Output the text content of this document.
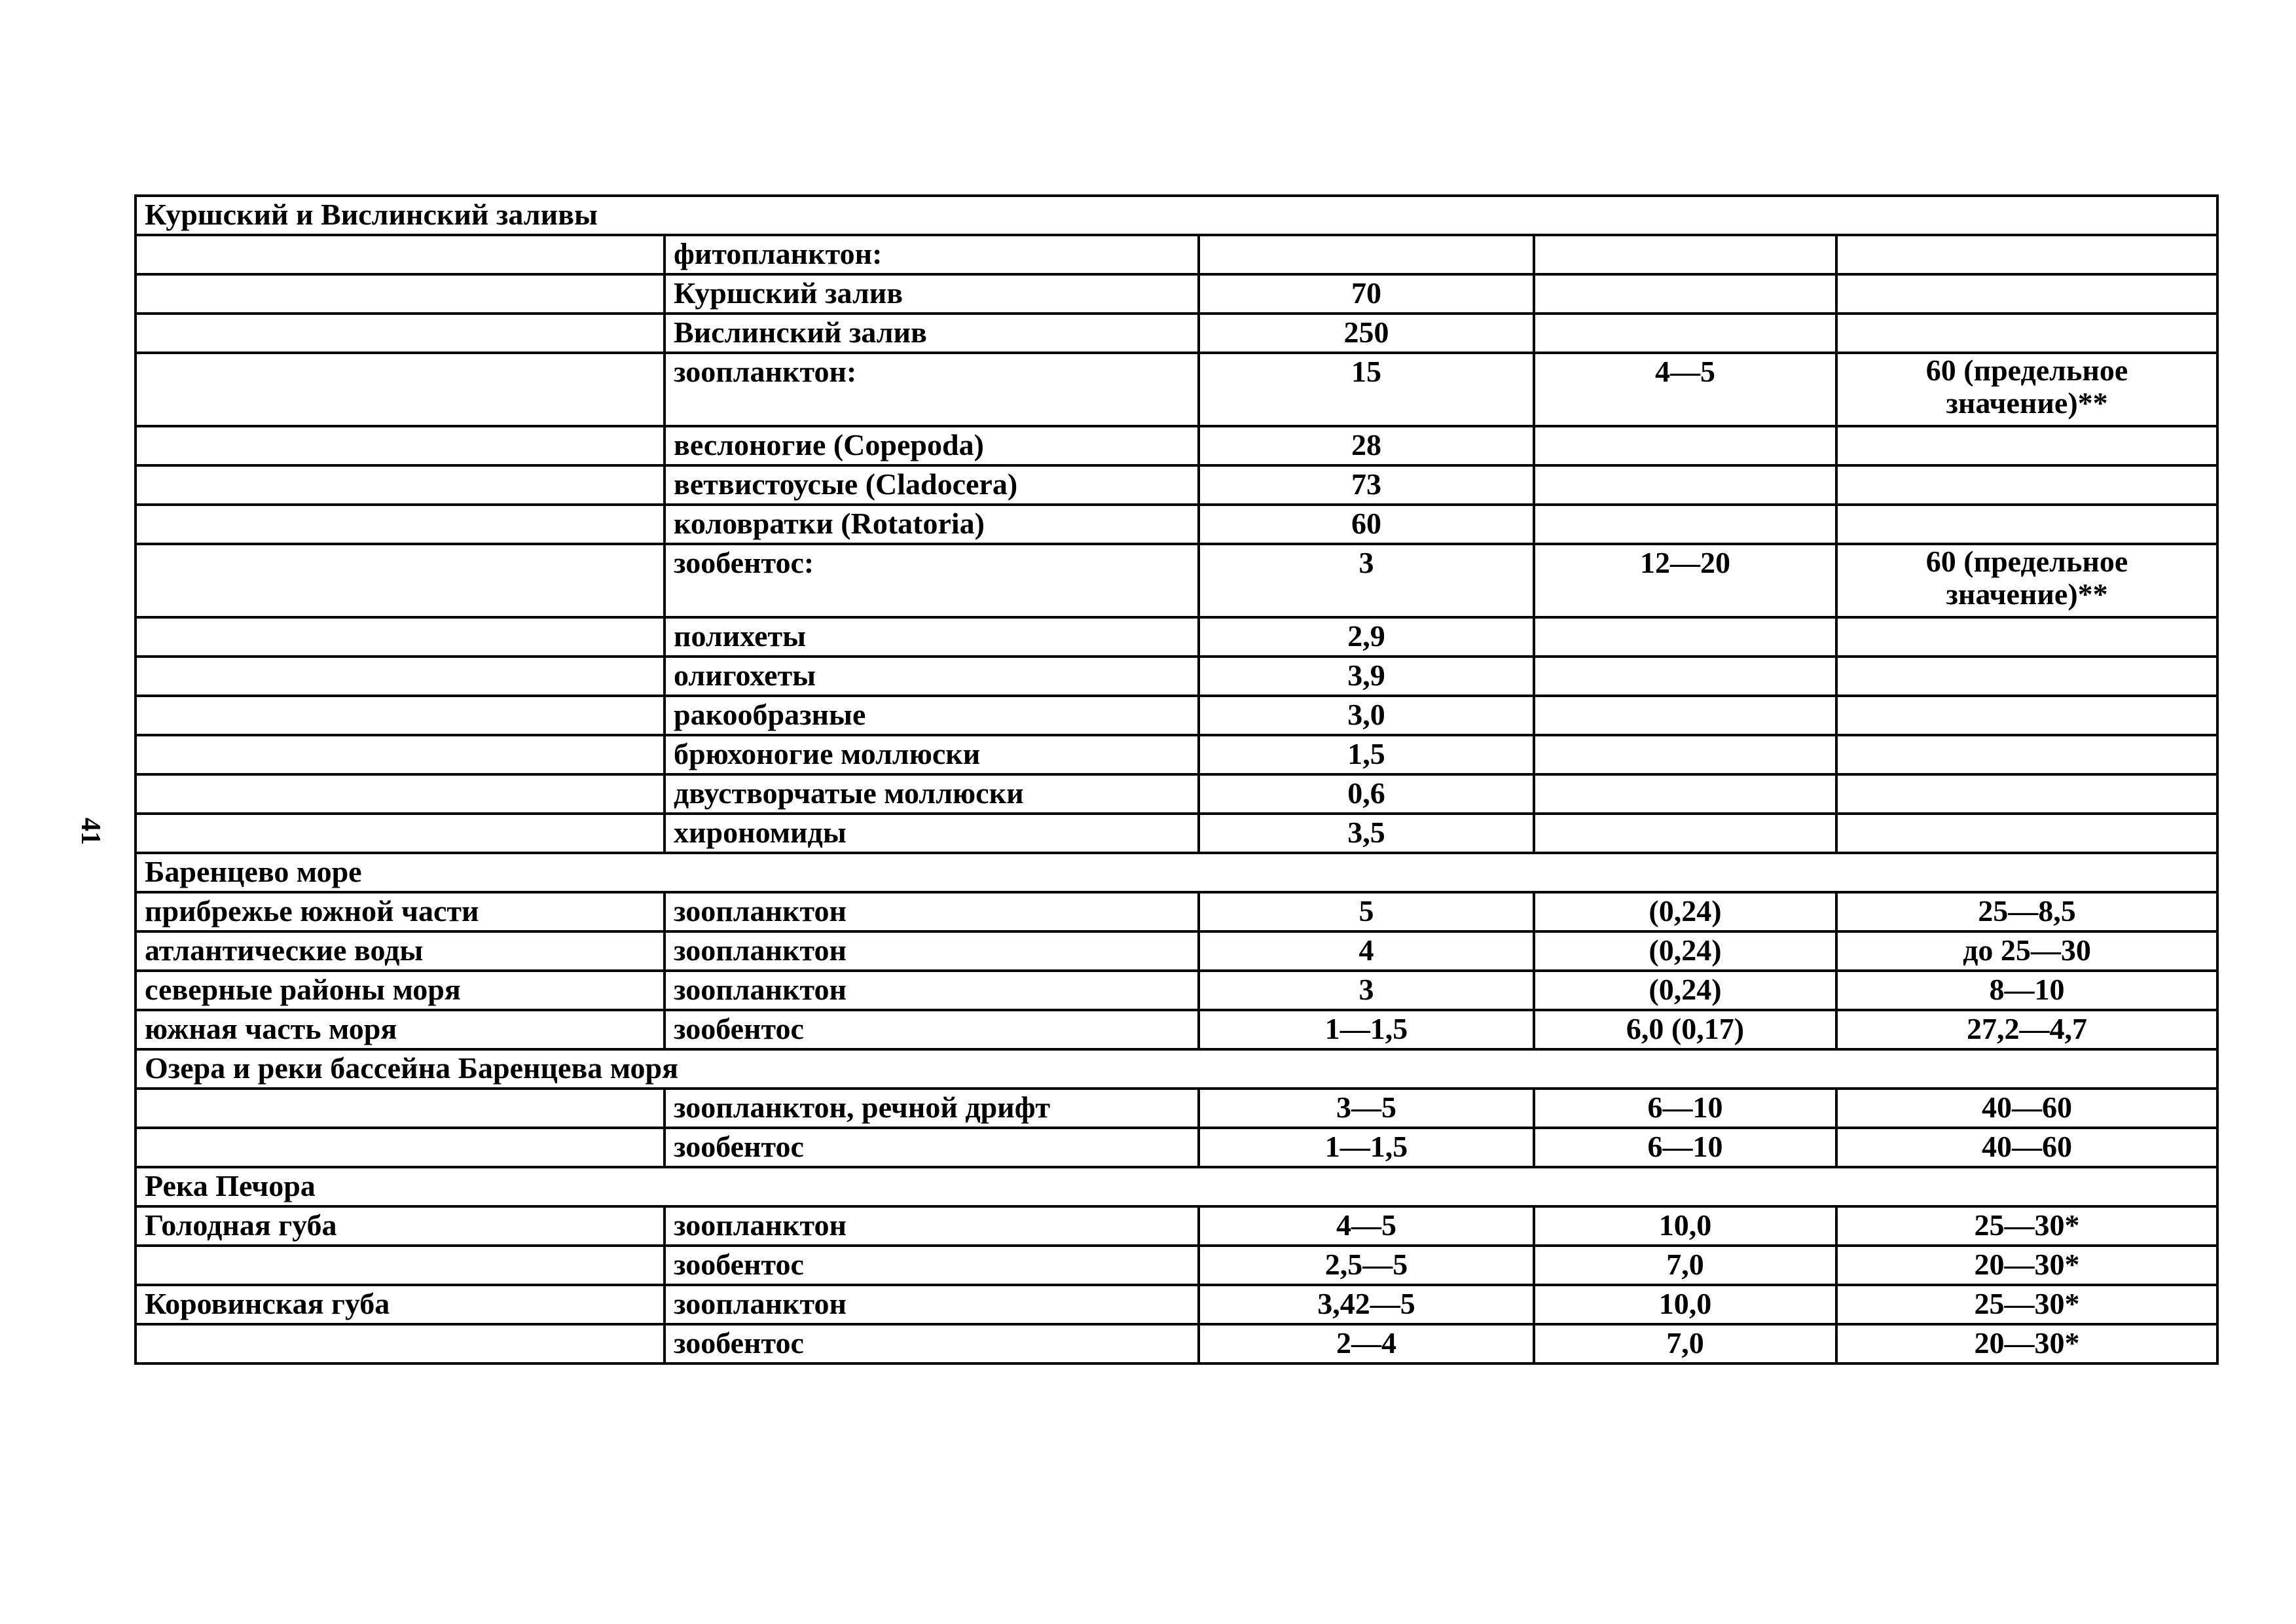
41
Куршский и Вислинский заливы				
	фитопланктон:			
	Куршский залив	70		
	Вислинский залив	250		
	зоопланктон:	15	4—5	60 (предельное значение)**
	веслоногие (Copepoda)	28		
	ветвистоусые (Cladocera)	73		
	коловратки (Rotatoria)	60		
	зообентос:	3	12—20	60 (предельное значение)**
	полихеты	2,9		
	олигохеты	3,9		
	ракообразные	3,0		
	брюхоногие моллюски	1,5		
	двустворчатые моллюски	0,6		
	хирономиды	3,5		
Баренцево море				
прибрежье южной части	зоопланктон	5	(0,24)	25—8,5
атлантические воды	зоопланктон	4	(0,24)	до 25—30
северные районы моря	зоопланктон	3	(0,24)	8—10
южная часть моря	зообентос	1—1,5	6,0 (0,17)	27,2—4,7
Озера и реки бассейна Баренцева моря				
	зоопланктон, речной дрифт	3—5	6—10	40—60
	зообентос	1—1,5	6—10	40—60
Река Печора				
Голодная губа	зоопланктон	4—5	10,0	25—30*
	зообентос	2,5—5	7,0	20—30*
Коровинская губа	зоопланктон	3,42—5	10,0	25—30*
	зообентос	2—4	7,0	20—30*
